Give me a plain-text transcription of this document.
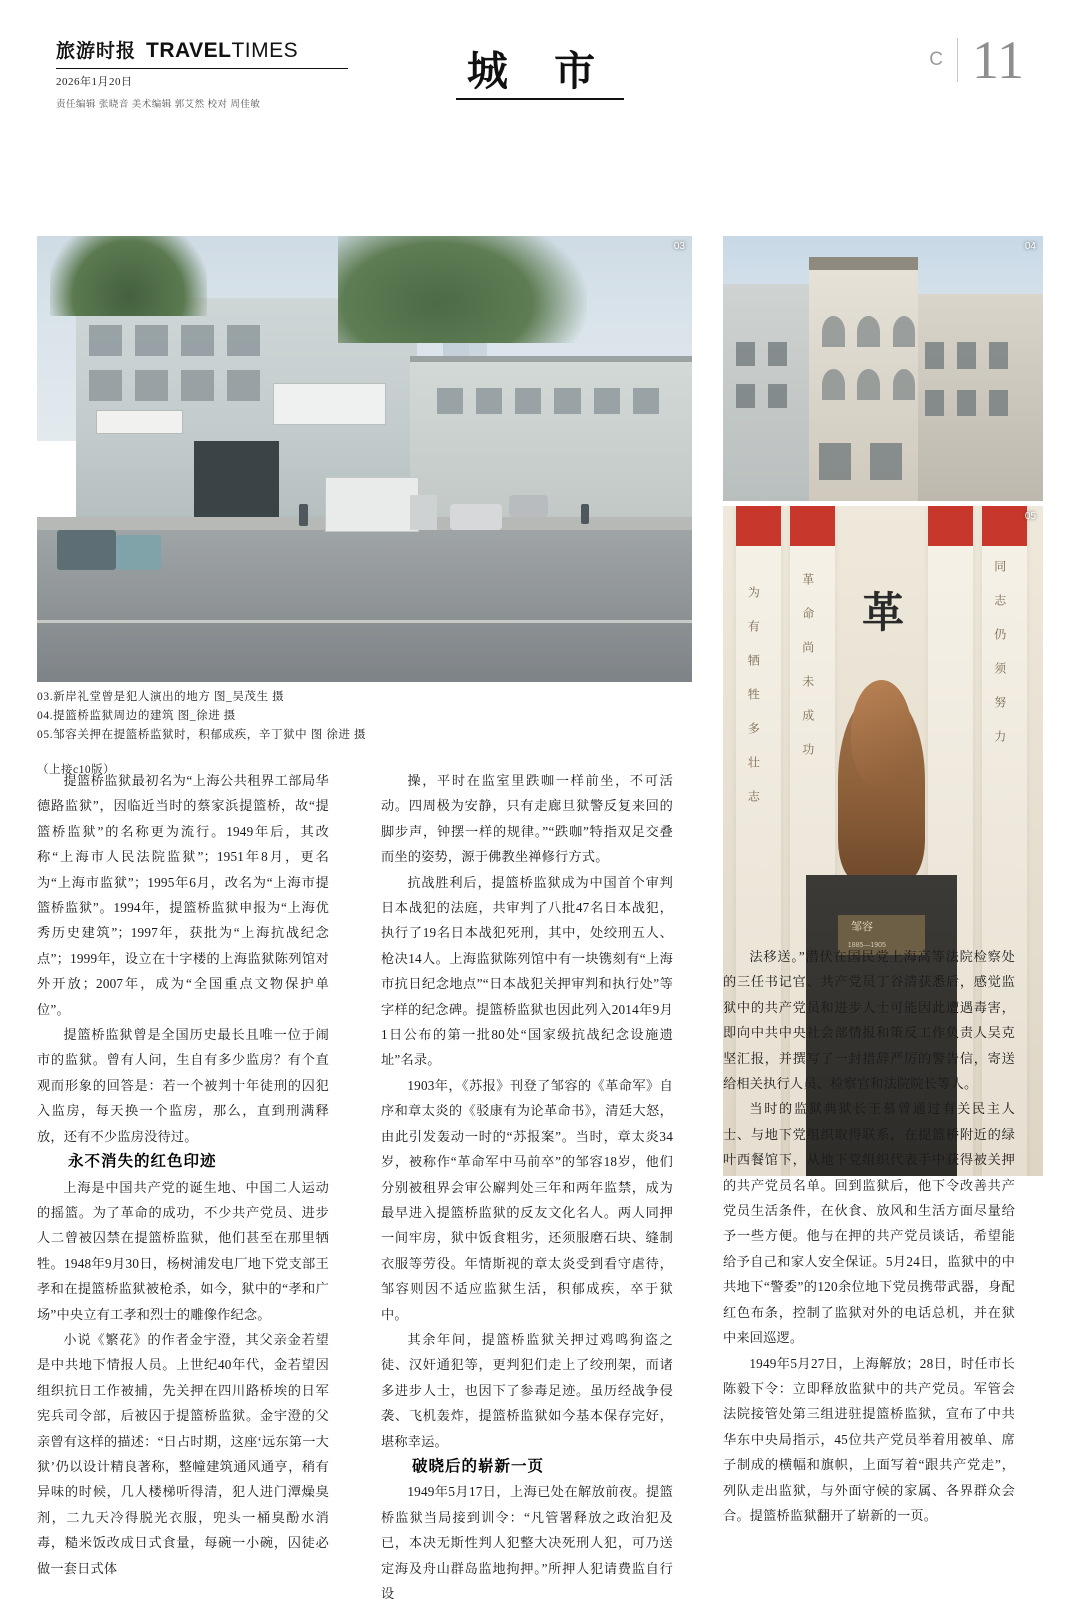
旅游时报 TRAVELTIMES
2026年1月20日
责任编辑 张晓音 美术编辑 郭艾然 校对 周佳敏
城 市	C 11
03	04
为 有 牺 牲 多 壮 志	革 命 尚 未 成 功	同 志 仍 须 努 力
革
邹容
1885—1905
05
03.新岸礼堂曾是犯人演出的地方 图_吴茂生 摄
04.提篮桥监狱周边的建筑 图_徐进 摄
05.邹容关押在提篮桥监狱时，积郁成疾，辛丁狱中 图 徐进 摄
（上接c10版）

提篮桥监狱最初名为“上海公共租界工部局华德路监狱”，因临近当时的蔡家浜提篮桥，故“提篮桥监狱”的名称更为流行。1949年后，其改称“上海市人民法院监狱”；1951年8月，更名为“上海市监狱”；1995年6月，改名为“上海市提篮桥监狱”。1994年，提篮桥监狱申报为“上海优秀历史建筑”；1997年，获批为“上海抗战纪念点”；1999年，设立在十字楼的上海监狱陈列馆对外开放；2007年，成为“全国重点文物保护单位”。

提篮桥监狱曾是全国历史最长且唯一位于闹市的监狱。曾有人问，生自有多少监房？有个直观而形象的回答是：若一个被判十年徒刑的囚犯入监房，每天换一个监房，那么，直到刑满释放，还有不少监房没待过。

永不消失的红色印迹

上海是中国共产党的诞生地、中国二人运动的摇篮。为了革命的成功，不少共产党员、进步人二曾被囚禁在提篮桥监狱，他们甚至在那里牺牲。1948年9月30日，杨树浦发电厂地下党支部王孝和在提篮桥监狱被枪杀，如今，狱中的“孝和广场”中央立有工孝和烈士的雕像作纪念。

小说《繁花》的作者金宇澄，其父亲金若望是中共地下情报人员。上世纪40年代，金若望因组织抗日工作被捕，先关押在四川路桥埃的日军宪兵司令部，后被囚于提篮桥监狱。金宇澄的父亲曾有这样的描述：“日占时期，这座‘远东第一大狱’仍以设计精良著称，整幢建筑通风通亨，稍有异味的时候，几人楼梯听得清，犯人进门潭燥臭剂，二九天冷得脱光衣服，兜头一桶臭酚水消毒，糙米饭改成日式食量，每碗一小碗，囚徒必做一套日式体

操，平时在监室里跌咖一样前坐，不可活动。四周极为安静，只有走廊旦狱警反复来回的脚步声，钟摆一样的规律。”“跌咖”特指双足交叠而坐的姿势，源于佛教坐禅修行方式。

抗战胜利后，提篮桥监狱成为中国首个审判日本战犯的法庭，共审判了八批47名日本战犯，执行了19名日本战犯死刑，其中，处绞刑五人、枪决14人。上海监狱陈列馆中有一块镌刻有“上海市抗日纪念地点”“日本战犯关押审判和执行处”等字样的纪念碑。提篮桥监狱也因此列入2014年9月1日公布的第一批80处“国家级抗战纪念设施遗址”名录。

1903年，《苏报》刊登了邹容的《革命军》自序和章太炎的《驳康有为论革命书》，清廷大怒，由此引发轰动一时的“苏报案”。当时，章太炎34岁，被称作“革命军中马前卒”的邹容18岁，他们分别被租界会审公廨判处三年和两年监禁，成为最早进入提篮桥监狱的反友文化名人。两人同押一间牢房，狱中饭食粗劣，还须服磨石块、缝制衣服等劳役。年情斯视的章太炎受到看守虐待，邹容则因不适应监狱生活，积郁成疾，卒于狱中。

其余年间，提篮桥监狱关押过鸡鸣狗盗之徒、汉奸通犯等，更判犯们走上了绞刑架，而诸多进步人士，也因下了参毒足迹。虽历经战争侵袭、飞机轰炸，提篮桥监狱如今基本保存完好，堪称幸运。

破晓后的崭新一页

1949年5月17日，上海已处在解放前夜。提篮桥监狱当局接到训令：“凡管署释放之政治犯及已，本决无斯性判人犯整大决死刑人犯，可乃送定海及舟山群岛监地拘押。”所押人犯请费监自行设

法移送。”潜伏在国民党上海高等法院检察处的三任书记官、共产党员丁谷清获悉后，感觉监狱中的共产党员和进步人士可能因此遭遇毒害，即向中共中央社会部情报和策反工作负责人吴克坚汇报，并撰写了一封措辞严厉的警告信，寄送给相关执行人员、检察官和法院院长等人。

当时的监狱典狱长王慕曾通过有关民主人士、与地下党组织取得联系，在提篮桥附近的绿叶西餐馆下，从地下党组织代表手中获得被关押的共产党员名单。回到监狱后，他下令改善共产党员生活条件，在伙食、放风和生活方面尽量给予一些方便。他与在押的共产党员谈话，希望能给予自己和家人安全保证。5月24日，监狱中的中共地下“警委”的120余位地下党员携带武器，身配红色布条，控制了监狱对外的电话总机，并在狱中来回巡逻。

1949年5月27日，上海解放；28日，时任市长陈毅下令：立即释放监狱中的共产党员。军管会法院接管处第三组进驻提篮桥监狱，宣布了中共华东中央局指示，45位共产党员举着用被单、席子制成的横幅和旗帜，上面写着“跟共产党走”，列队走出监狱，与外面守候的家属、各界群众会合。提篮桥监狱翻开了崭新的一页。
